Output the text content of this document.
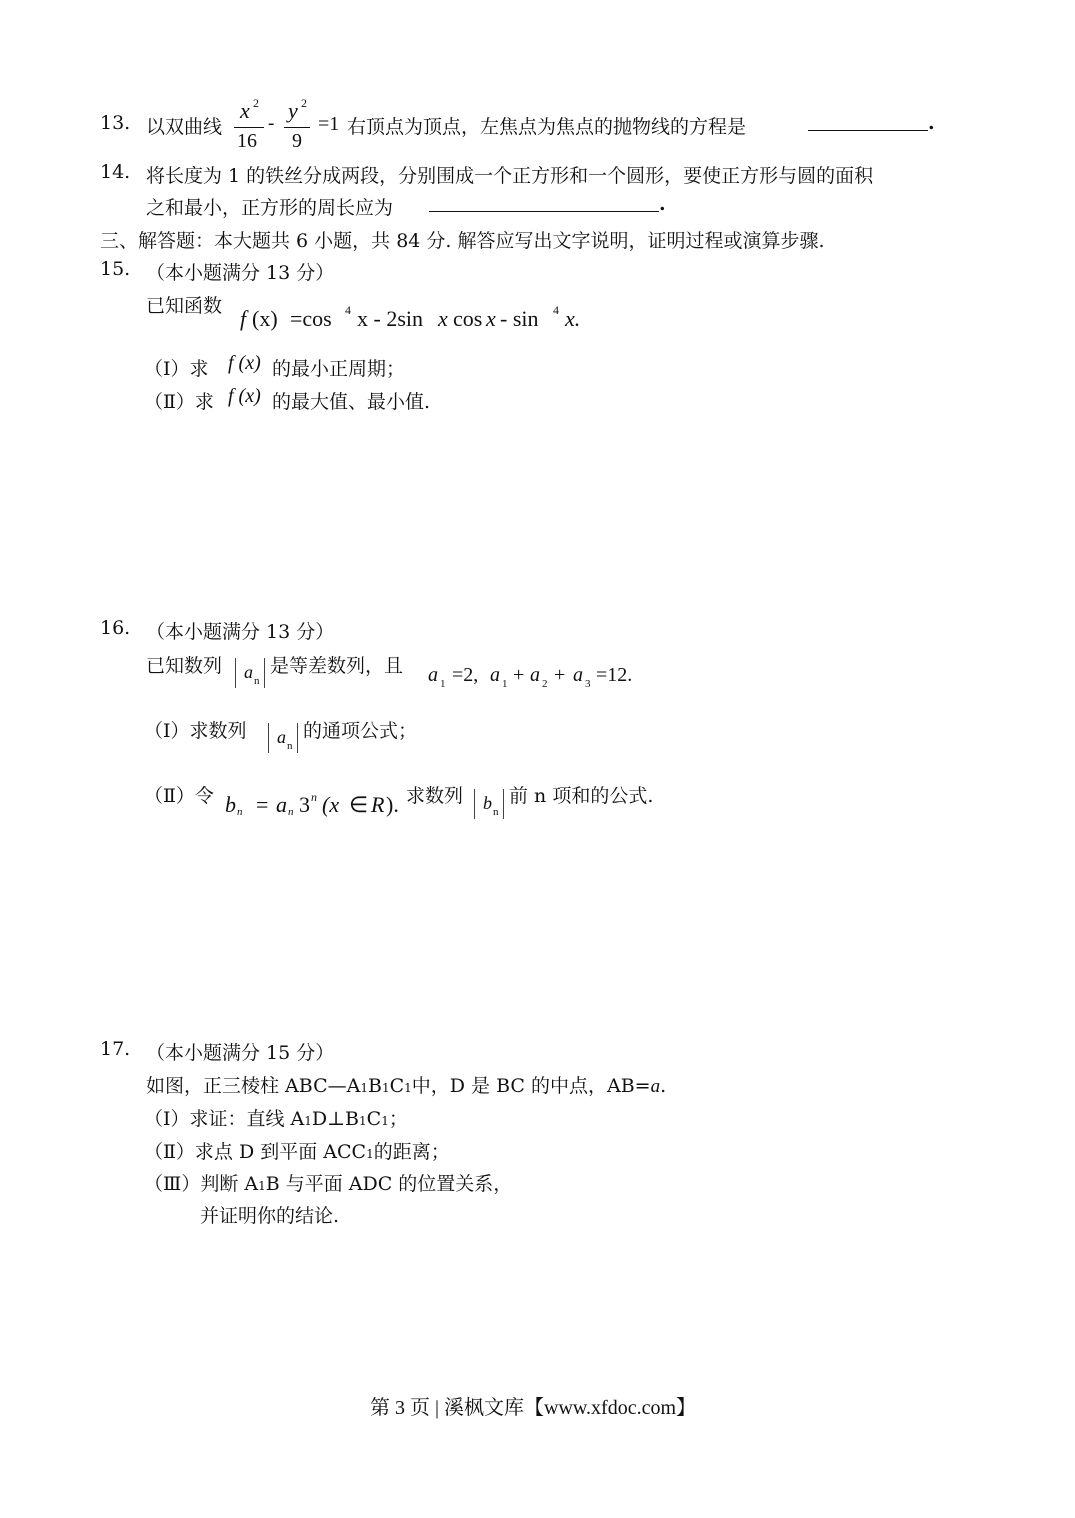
13. 以双曲线
x 2
16
-
y 2
9
=1 右顶点为顶点，左焦点为焦点的抛物线的方程是	.
14. 将长度为 1 的铁丝分成两段，分别围成一个正方形和一个圆形，要使正方形与圆的面积
之和最小，正方形的周长应为	.
三、解答题：本大题共 6 小题，共 84 分. 解答应写出文字说明，证明过程或演算步骤.
15. （本小题满分 13 分）
已知函数 f (x) =cos 4 x - 2sin x cos x - sin 4 x.
（Ⅰ）求 f (x) 的最小正周期；
（Ⅱ）求 f (x) 的最大值、最小值.
16. （本小题满分 13 分）
已知数列 a n
是等差数列，且 a 1 =2, a 1 + a 2 + a 3 =12.
（Ⅰ）求数列 a n
的通项公式；
（Ⅱ）令 b n = a n 3 n (x ∈ R ). 求数列 b n
前 n 项和的公式.
17. （本小题满分 15 分）
如图，正三棱柱 ABC—A1B1C1中，D 是 BC 的中点，AB=a.
（Ⅰ）求证：直线 A1D⊥B1C1；
（Ⅱ）求点 D 到平面 ACC1的距离；
（Ⅲ）判断 A1B 与平面 ADC 的位置关系，
并证明你的结论.
第 3 页 | 溪枫文库【www.xfdoc.com】
